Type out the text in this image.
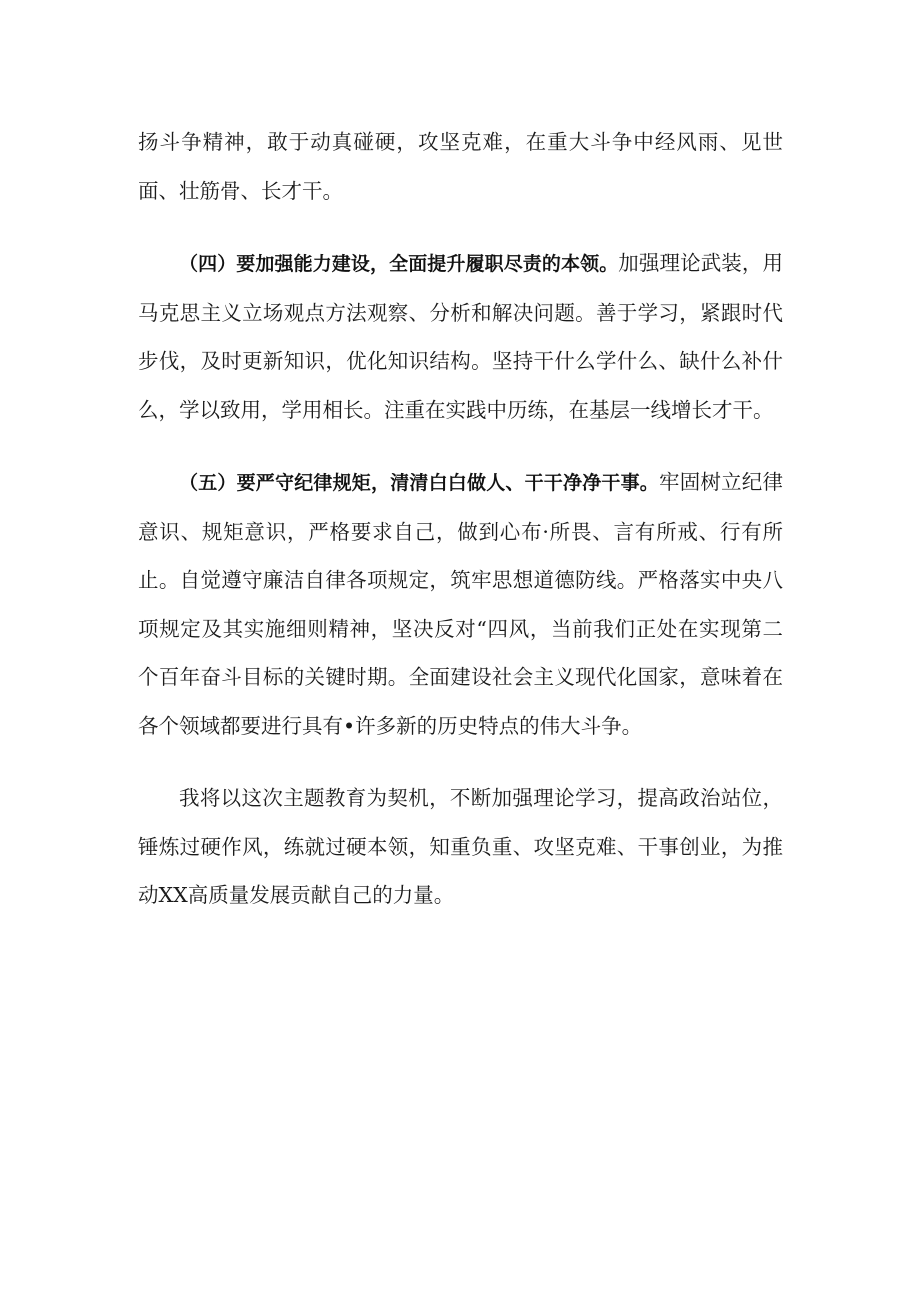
扬斗争精神，敢于动真碰硬，攻坚克难，在重大斗争中经风雨、见世面、壮筋骨、长才干。

（四）要加强能力建设，全面提升履职尽责的本领。加强理论武装，用马克思主义立场观点方法观察、分析和解决问题。善于学习，紧跟时代步伐，及时更新知识，优化知识结构。坚持干什么学什么、缺什么补什么，学以致用，学用相长。注重在实践中历练，在基层一线增长才干。

（五）要严守纪律规矩，清清白白做人、干干净净干事。牢固树立纪律意识、规矩意识，严格要求自己，做到心布·所畏、言有所戒、行有所止。自觉遵守廉洁自律各项规定，筑牢思想道德防线。严格落实中央八项规定及其实施细则精神，坚决反对“四风，当前我们正处在实现第二个百年奋斗目标的关键时期。全面建设社会主义现代化国家，意味着在各个领域都要进行具有•许多新的历史特点的伟大斗争。

我将以这次主题教育为契机，不断加强理论学习，提高政治站位，锤炼过硬作风，练就过硬本领，知重负重、攻坚克难、干事创业，为推动XX高质量发展贡献自己的力量。
